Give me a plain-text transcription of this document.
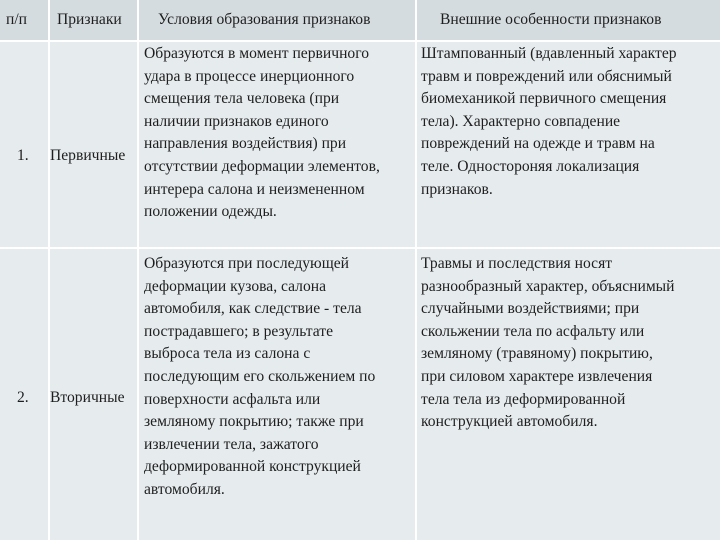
п/п Признаки Условия образования признаков	Внешние особенности признаков
1. Первичные
Образуются в момент первичного
удара в процессе инерционного
смещения тела человека (при
наличии признаков единого
направления воздействия) при
отсутствии деформации элементов,
интерера салона и неизмененном
положении одежды.
Штампованный (вдавленный характер
травм и повреждений или обяснимый
биомеханикой первичного смещения
тела). Характерно совпадение
повреждений на одежде и травм на
теле. Одностороняя локализация
признаков.
2. Вторичные
Образуются при последующей
деформации кузова, салона
автомобиля, как следствие - тела
пострадавшего; в результате
выброса тела из салона с
последующим его скольжением по
поверхности асфальта или
земляному покрытию; также при
извлечении тела, зажатого
деформированной конструкцией
автомобиля.
Травмы и последствия носят
разнообразный характер, объяснимый
случайными воздействиями; при
скольжении тела по асфальту или
земляному (травяному) покрытию,
при силовом характере извлечения
тела тела из деформированной
конструкцией автомобиля.
